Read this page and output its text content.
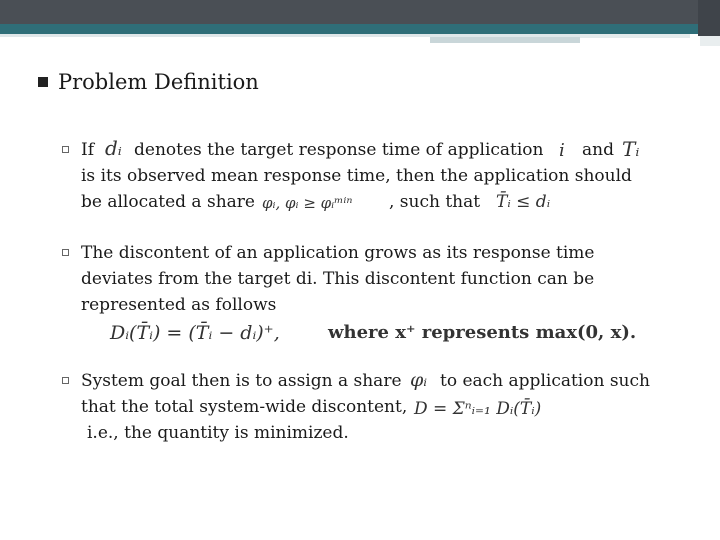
Problem Definition
If dᵢ denotes the target response time of application i and Tᵢ
is its observed mean response time, then the application should
be allocated a share φᵢ, φᵢ ≥ φᵢᵐⁱⁿ , such that T̄ᵢ ≤ dᵢ
The discontent of an application grows as its response time
deviates from the target di. This discontent function can be
represented as follows
Dᵢ(T̄ᵢ) = (T̄ᵢ − dᵢ)⁺,	where x⁺ represents max(0, x).
System goal then is to assign a share φᵢ to each application such
that the total system-wide discontent, D = Σⁿᵢ₌₁ Dᵢ(T̄ᵢ)
i.e., the quantity is minimized.
